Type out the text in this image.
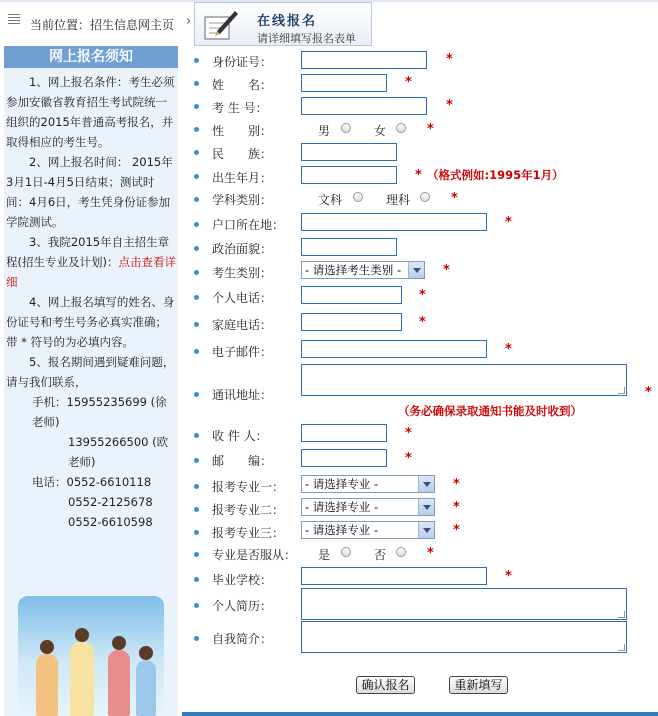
当前位置：招生信息网主页 ›	在线报名
请详细填写报名表单
网上报名须知

1、网上报名条件：考生必须参加安徽省教育招生考试院统一组织的2015年普通高考报名，并取得相应的考生号。

2、网上报名时间： 2015年3月1日-4月5日结束；测试时间：4月6日，考生凭身份证参加学院测试。

3、我院2015年自主招生章程(招生专业及计划)：点击查看详细

4、网上报名填写的姓名、身份证号和考生号务必真实准确；带 * 符号的为必填内容。

5、报名期间遇到疑难问题，请与我们联系，

手机：15955235699 (徐老师)

13955266500 (欧老师)

电话：0552-6610118

0552-2125678

0552-6610598

身份证号：	*
姓　　名：	*
考 生 号：	*
性　　别：	男	女	*
民　　族：
出生年月：	* （格式例如:1995年1月）
学科类别：	文科	理科	*
户口所在地：	*
政治面貌：
考生类别：	- 请选择考生类别 -	*
个人电话：	*
家庭电话：	*
电子邮件：	*
通讯地址：	*
（务必确保录取通知书能及时收到）
收 件 人：	*
邮　　编：	*
报考专业一：	- 请选择专业 -	*
报考专业二：	- 请选择专业 -	*
报考专业三：	- 请选择专业 -	*
专业是否服从： 是	否	*
毕业学校：	*
个人简历：
自我简介：
确认报名	重新填写
